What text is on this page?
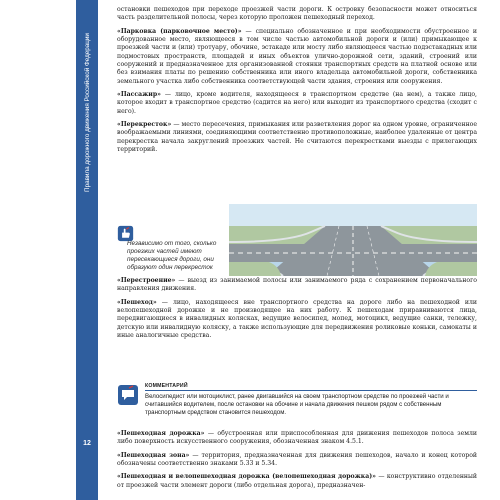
Правила дорожного движения Российской Федерации
12

остановки пешеходов при переходе проезжей части дороги. К островку безопасности может относиться часть разделительной полосы, через которую проложен пешеходный переход.

«Парковка (парковочное место)» — специально обозначенное и при необходимости обустроенное и оборудованное место, являющееся в том числе частью автомобильной дороги и (или) примыкающее к проезжей части и (или) тротуару, обочине, эстакаде или мосту либо являющееся частью подэстакадных или подмостовых пространств, площадей и иных объектов улично-дорожной сети, зданий, строений или сооружений и предназначенное для организованной стоянки транспортных средств на платной основе или без взимания платы по решению собственника или иного владельца автомобильной дороги, собственника земельного участка либо собственника соответствующей части здания, строения или сооружения.

«Пассажир» — лицо, кроме водителя, находящееся в транспортном средстве (на нем), а также лицо, которое входит в транспортное средство (садится на него) или выходит из транспортного средства (сходит с него).

«Перекресток» — место пересечения, примыкания или разветвления дорог на одном уровне, ограниченное воображаемыми линиями, соединяющими соответственно противоположные, наиболее удаленные от центра перекрестка начала закруглений проезжих частей. Не считаются перекрестками выезды с прилегающих территорий.

Независимо от того, сколько проезжих частей имеют пересекающиеся дороги, они образуют один перекресток

«Перестроение» — выезд из занимаемой полосы или занимаемого ряда с сохранением первоначального направления движения.

«Пешеход» — лицо, находящееся вне транспортного средства на дороге либо на пешеходной или велопешеходной дорожке и не производящее на них работу. К пешеходам приравниваются лица, передвигающиеся в инвалидных колясках, ведущие велосипед, мопед, мотоцикл, ведущие санки, тележку, детскую или инвалидную коляску, а также использующие для передвижения роликовые коньки, самокаты и иные аналогичные средства.

КОММЕНТАРИЙ
Велосипедист или мотоциклист, ранее двигавшийся на своем транспортном средстве по проезжей части и считавшийся водителем, после остановки на обочине и начала движения пешком рядом с собственным транспортным средством становится пешеходом.

«Пешеходная дорожка» — обустроенная или приспособленная для движения пешеходов полоса земли либо поверхность искусственного сооружения, обозначенная знаком 4.5.1.

«Пешеходная зона» — территория, предназначенная для движения пешеходов, начало и конец которой обозначены соответственно знаками 5.33 и 5.34.

«Пешеходная и велопешеходная дорожка (велопешеходная дорожка)» — конструктивно отделенный от проезжей части элемент дороги (либо отдельная дорога), предназначен-
